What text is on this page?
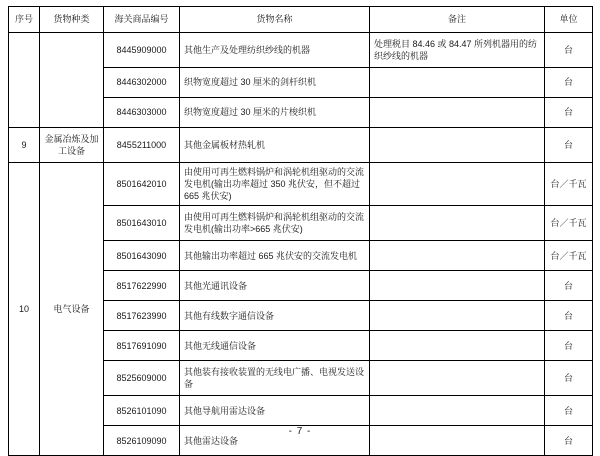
序号	货物种类	海关商品编号	货物名称	备注	单位
		8445909000	其他生产及处理纺织纱线的机器	处理税目 84.46 或 84.47 所列机器用的纺织纱线的机器	台
		8446302000	织物宽度超过 30 厘米的剑杆织机		台
		8446303000	织物宽度超过 30 厘米的片梭织机		台
9	金属冶炼及加工设备	8455211000	其他金属板材热轧机		台
10	电气设备	8501642010	由使用可再生燃料锅炉和涡轮机组驱动的交流发电机(输出功率超过 350 兆伏安，但不超过 665 兆伏安)		台／千瓦
		8501643010	由使用可再生燃料锅炉和涡轮机组驱动的交流发电机(输出功率>665 兆伏安)		台／千瓦
		8501643090	其他输出功率超过 665 兆伏安的交流发电机		台／千瓦
		8517622990	其他光通讯设备		台
		8517623990	其他有线数字通信设备		台
		8517691090	其他无线通信设备		台
		8525609000	其他装有接收装置的无线电广播、电视发送设备		台
		8526101090	其他导航用雷达设备		台
		8526109090	其他雷达设备		台
- 7 -
